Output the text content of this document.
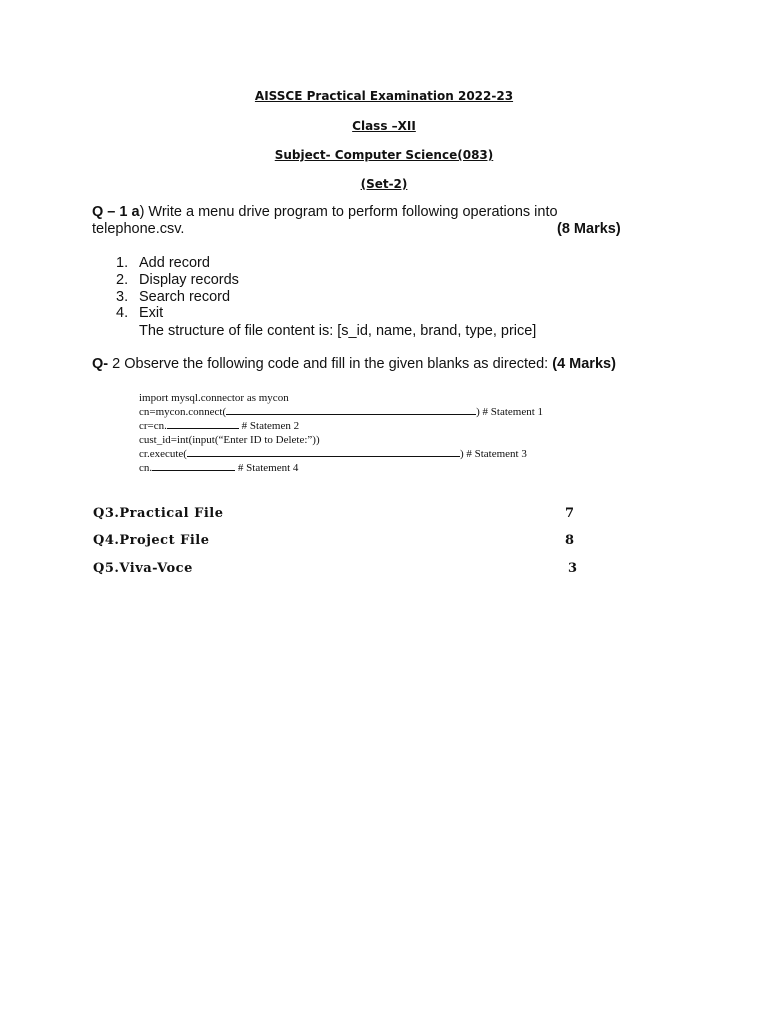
AISSCE Practical Examination 2022-23
Class –XII
Subject- Computer Science(083)
(Set-2)
Q – 1 a) Write a menu drive program to perform following operations into
telephone.csv.	(8 Marks)
1. Add record
2. Display records
3. Search record
4. Exit
The structure of file content is: [s_id, name, brand, type, price]
Q- 2 Observe the following code and fill in the given blanks as directed: (4 Marks)
import mysql.connector as mycon
cn=mycon.connect(	) # Statement 1
cr=cn.	# Statemen 2
cust_id=int(input(“Enter ID to Delete:”))
cr.execute(	) # Statement 3
cn.	# Statement 4
Q3.Practical File	7
Q4.Project File	8
Q5.Viva-Voce	3
